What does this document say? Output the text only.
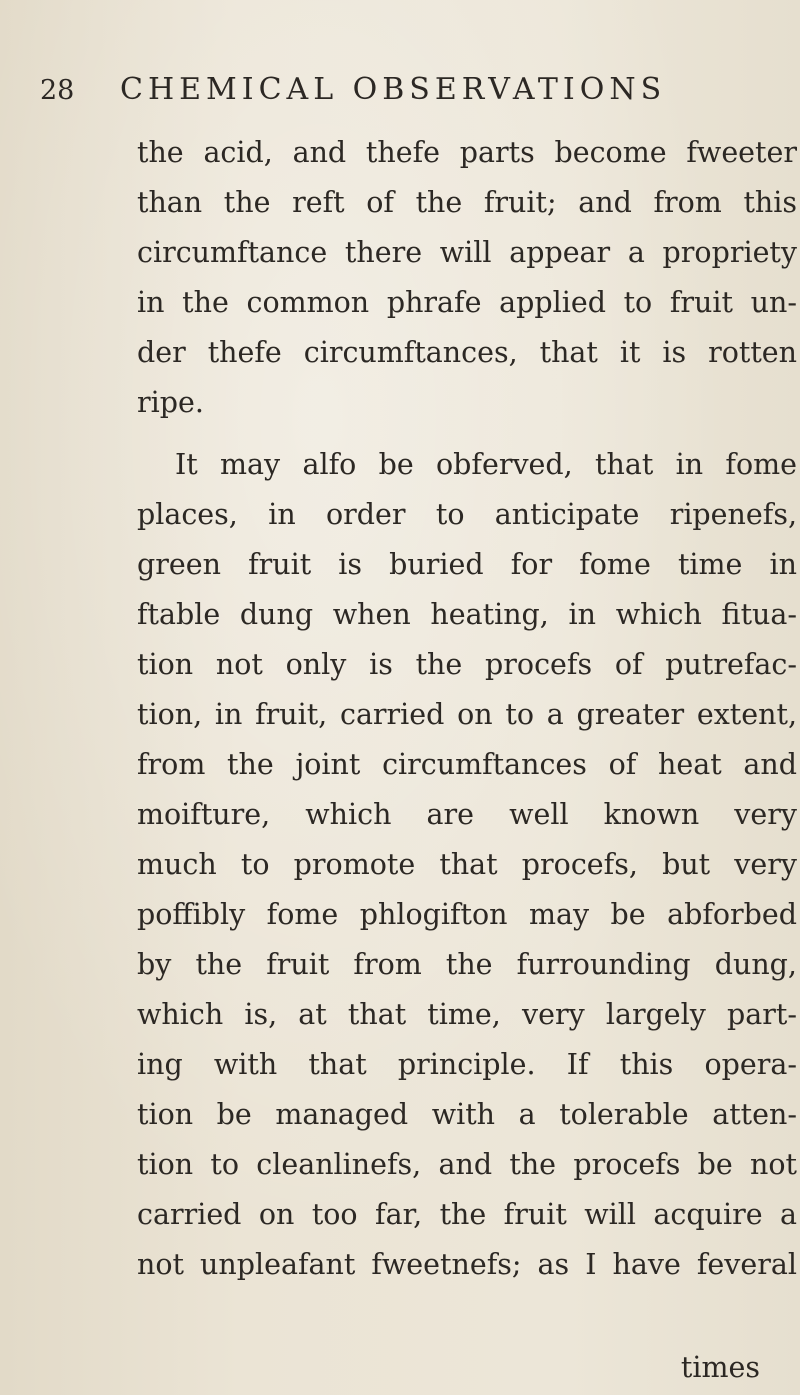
28 CHEMICAL OBSERVATIONS
the acid, and thefe parts become fweeter
than the reft of the fruit; and from this
circumftance there will appear a propriety
in the common phrafe applied to fruit un-
der thefe circumftances, that it is rotten
ripe.
It may alfo be obferved, that in fome
places, in order to anticipate ripenefs,
green fruit is buried for fome time in
ftable dung when heating, in which fitua-
tion not only is the procefs of putrefac-
tion, in fruit, carried on to a greater extent,
from the joint circumftances of heat and
moifture, which are well known very
much to promote that procefs, but very
poffibly fome phlogifton may be abforbed
by the fruit from the furrounding dung,
which is, at that time, very largely part-
ing with that principle. If this opera-
tion be managed with a tolerable atten-
tion to cleanlinefs, and the procefs be not
carried on too far, the fruit will acquire a
not unpleafant fweetnefs; as I have feveral
times
